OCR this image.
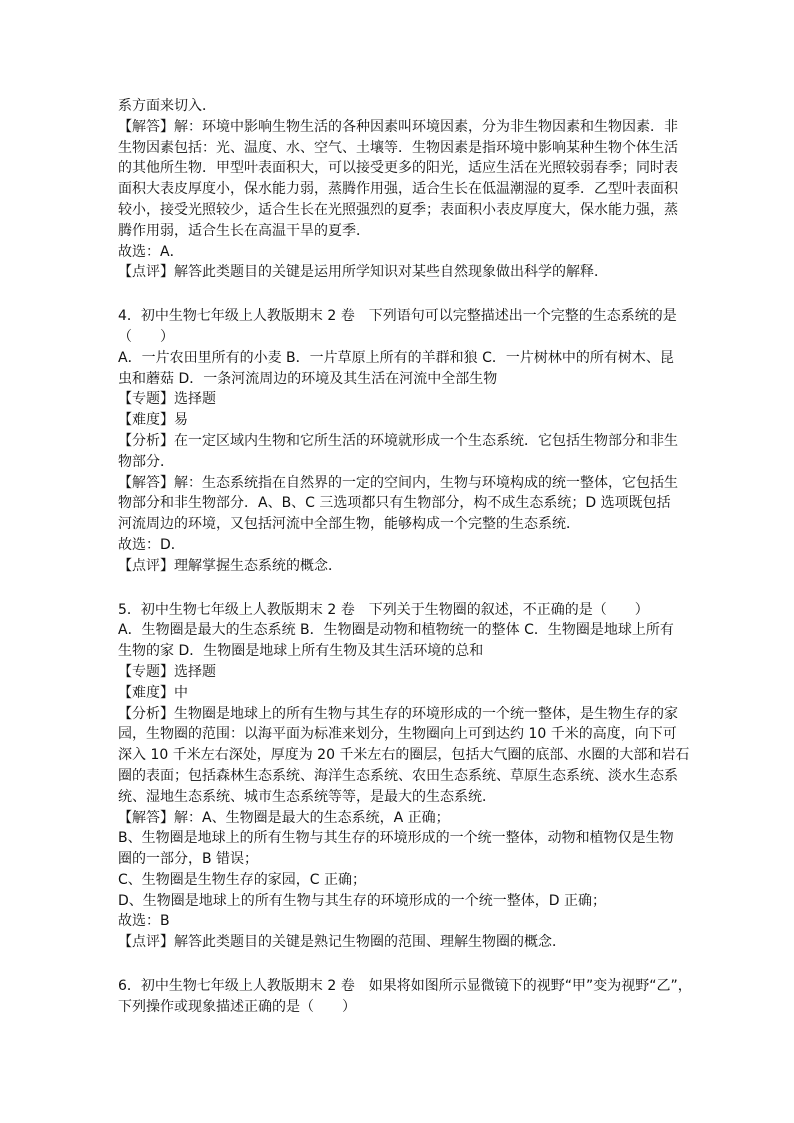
系方面来切入．
【解答】解：环境中影响生物生活的各种因素叫环境因素，分为非生物因素和生物因素．非
生物因素包括：光、温度、水、空气、土壤等．生物因素是指环境中影响某种生物个体生活
的其他所生物．甲型叶表面积大，可以接受更多的阳光，适应生活在光照较弱春季；同时表
面积大表皮厚度小，保水能力弱，蒸腾作用强，适合生长在低温潮湿的夏季．乙型叶表面积
较小，接受光照较少，适合生长在光照强烈的夏季；表面积小表皮厚度大，保水能力强，蒸
腾作用弱，适合生长在高温干旱的夏季．
故选：A．
【点评】解答此类题目的关键是运用所学知识对某些自然现象做出科学的解释．
4．初中生物七年级上人教版期末 2 卷　下列语句可以完整描述出一个完整的生态系统的是
（　　）
A．一片农田里所有的小麦 B．一片草原上所有的羊群和狼 C．一片树林中的所有树木、昆
虫和蘑菇 D．一条河流周边的环境及其生活在河流中全部生物
【专题】选择题
【难度】易
【分析】在一定区域内生物和它所生活的环境就形成一个生态系统．它包括生物部分和非生
物部分．
【解答】解：生态系统指在自然界的一定的空间内，生物与环境构成的统一整体，它包括生
物部分和非生物部分．A、B、C 三选项都只有生物部分，构不成生态系统；D 选项既包括
河流周边的环境，又包括河流中全部生物，能够构成一个完整的生态系统．
故选：D．
【点评】理解掌握生态系统的概念．
5．初中生物七年级上人教版期末 2 卷　下列关于生物圈的叙述，不正确的是（　　）
A．生物圈是最大的生态系统 B．生物圈是动物和植物统一的整体 C．生物圈是地球上所有
生物的家 D．生物圈是地球上所有生物及其生活环境的总和
【专题】选择题
【难度】中
【分析】生物圈是地球上的所有生物与其生存的环境形成的一个统一整体，是生物生存的家
园，生物圈的范围：以海平面为标准来划分，生物圈向上可到达约 10 千米的高度，向下可
深入 10 千米左右深处，厚度为 20 千米左右的圈层，包括大气圈的底部、水圈的大部和岩石
圈的表面；包括森林生态系统、海洋生态系统、农田生态系统、草原生态系统、淡水生态系
统、湿地生态系统、城市生态系统等等，是最大的生态系统．
【解答】解：A、生物圈是最大的生态系统，A 正确；
B、生物圈是地球上的所有生物与其生存的环境形成的一个统一整体，动物和植物仅是生物
圈的一部分，B 错误；
C、生物圈是生物生存的家园，C 正确；
D、生物圈是地球上的所有生物与其生存的环境形成的一个统一整体，D 正确；
故选：B
【点评】解答此类题目的关键是熟记生物圈的范围、理解生物圈的概念．
6．初中生物七年级上人教版期末 2 卷　如果将如图所示显微镜下的视野“甲”变为视野“乙”，
下列操作或现象描述正确的是（　　）
